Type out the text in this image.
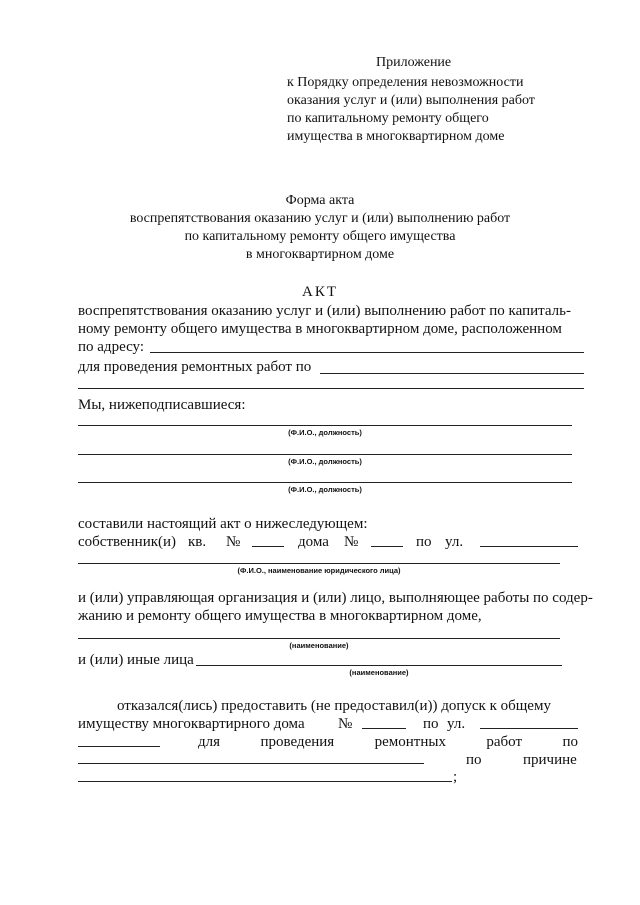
Приложение
к Порядку определения невозможности
оказания услуг и (или) выполнения работ
по капитальному ремонту общего
имущества в многоквартирном доме
Форма акта
воспрепятствования оказанию услуг и (или) выполнению работ
по капитальному ремонту общего имущества
в многоквартирном доме
АКТ
воспрепятствования оказанию услуг и (или) выполнению работ по капиталь-
ному ремонту общего имущества в многоквартирном доме, расположенном
по адресу:
для проведения ремонтных работ по
Мы, нижеподписавшиеся:
(Ф.И.О., должность)
(Ф.И.О., должность)
(Ф.И.О., должность)
составили настоящий акт о нижеследующем:
собственник(и) кв. №	дома №	по ул.
(Ф.И.О., наименование юридического лица)
и (или) управляющая организация и (или) лицо, выполняющее работы по содер-
жанию и ремонту общего имущества в многоквартирном доме,
(наименование)
и (или) иные лица
(наименование)
отказался(лись) предоставить (не предоставил(и)) допуск к общему
имуществу многоквартирного дома №	по ул.
для	проведения	ремонтных	работ	по
по	причине
;
